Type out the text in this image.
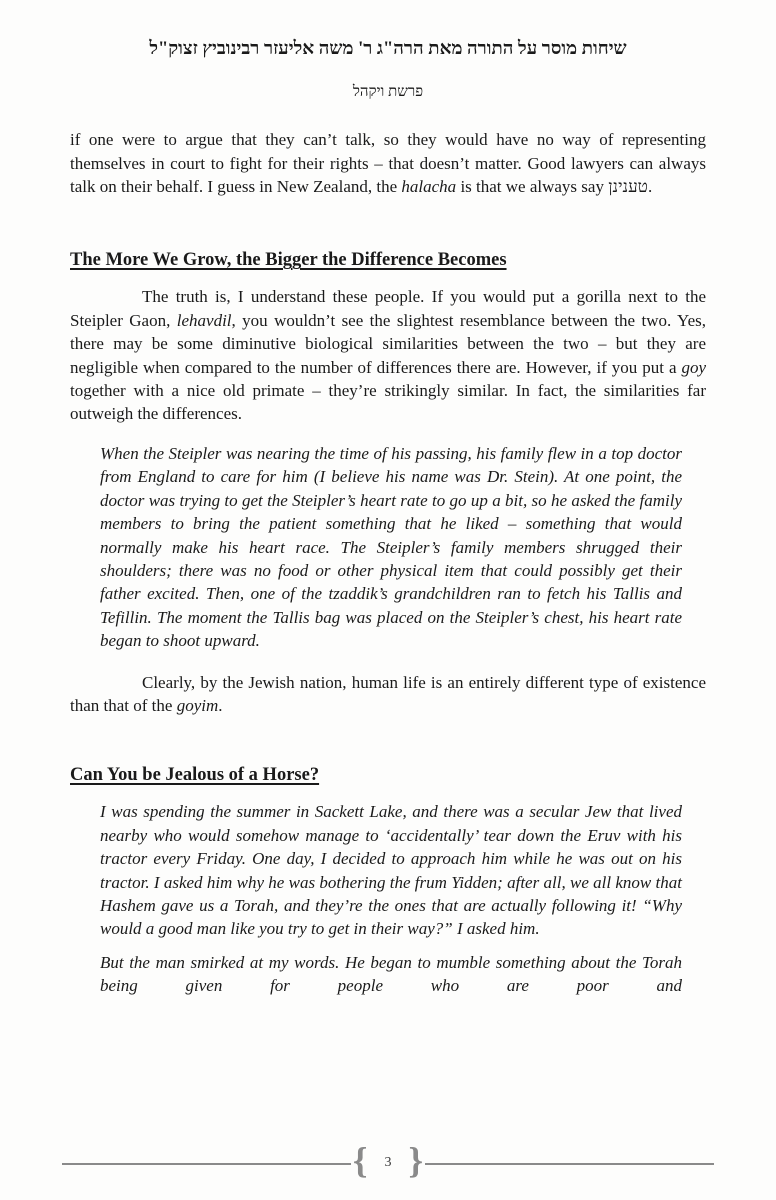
שיחות מוסר על התורה מאת הרה"ג ר' משה אליעזר רבינוביץ זצוק"ל
פרשת ויקהל

if one were to argue that they can’t talk, so they would have no way of representing themselves in court to fight for their rights – that doesn’t matter. Good lawyers can always talk on their behalf. I guess in New Zealand, the halacha is that we always say טענינן.

The More We Grow, the Bigger the Difference Becomes

The truth is, I understand these people. If you would put a gorilla next to the Steipler Gaon, lehavdil, you wouldn’t see the slightest resemblance between the two. Yes, there may be some diminutive biological similarities between the two – but they are negligible when compared to the number of differences there are. However, if you put a goy together with a nice old primate – they’re strikingly similar. In fact, the similarities far outweigh the differences.

When the Steipler was nearing the time of his passing, his family flew in a top doctor from England to care for him (I believe his name was Dr. Stein). At one point, the doctor was trying to get the Steipler’s heart rate to go up a bit, so he asked the family members to bring the patient something that he liked – something that would normally make his heart race. The Steipler’s family members shrugged their shoulders; there was no food or other physical item that could possibly get their father excited. Then, one of the tzaddik’s grandchildren ran to fetch his Tallis and Tefillin. The moment the Tallis bag was placed on the Steipler’s chest, his heart rate began to shoot upward.

Clearly, by the Jewish nation, human life is an entirely different type of existence than that of the goyim.

Can You be Jealous of a Horse?

I was spending the summer in Sackett Lake, and there was a secular Jew that lived nearby who would somehow manage to ‘accidentally’ tear down the Eruv with his tractor every Friday. One day, I decided to approach him while he was out on his tractor. I asked him why he was bothering the frum Yidden; after all, we all know that Hashem gave us a Torah, and they’re the ones that are actually following it! “Why would a good man like you try to get in their way?” I asked him.

But the man smirked at my words. He began to mumble something about the Torah being given for people who are poor and

{	3 }
